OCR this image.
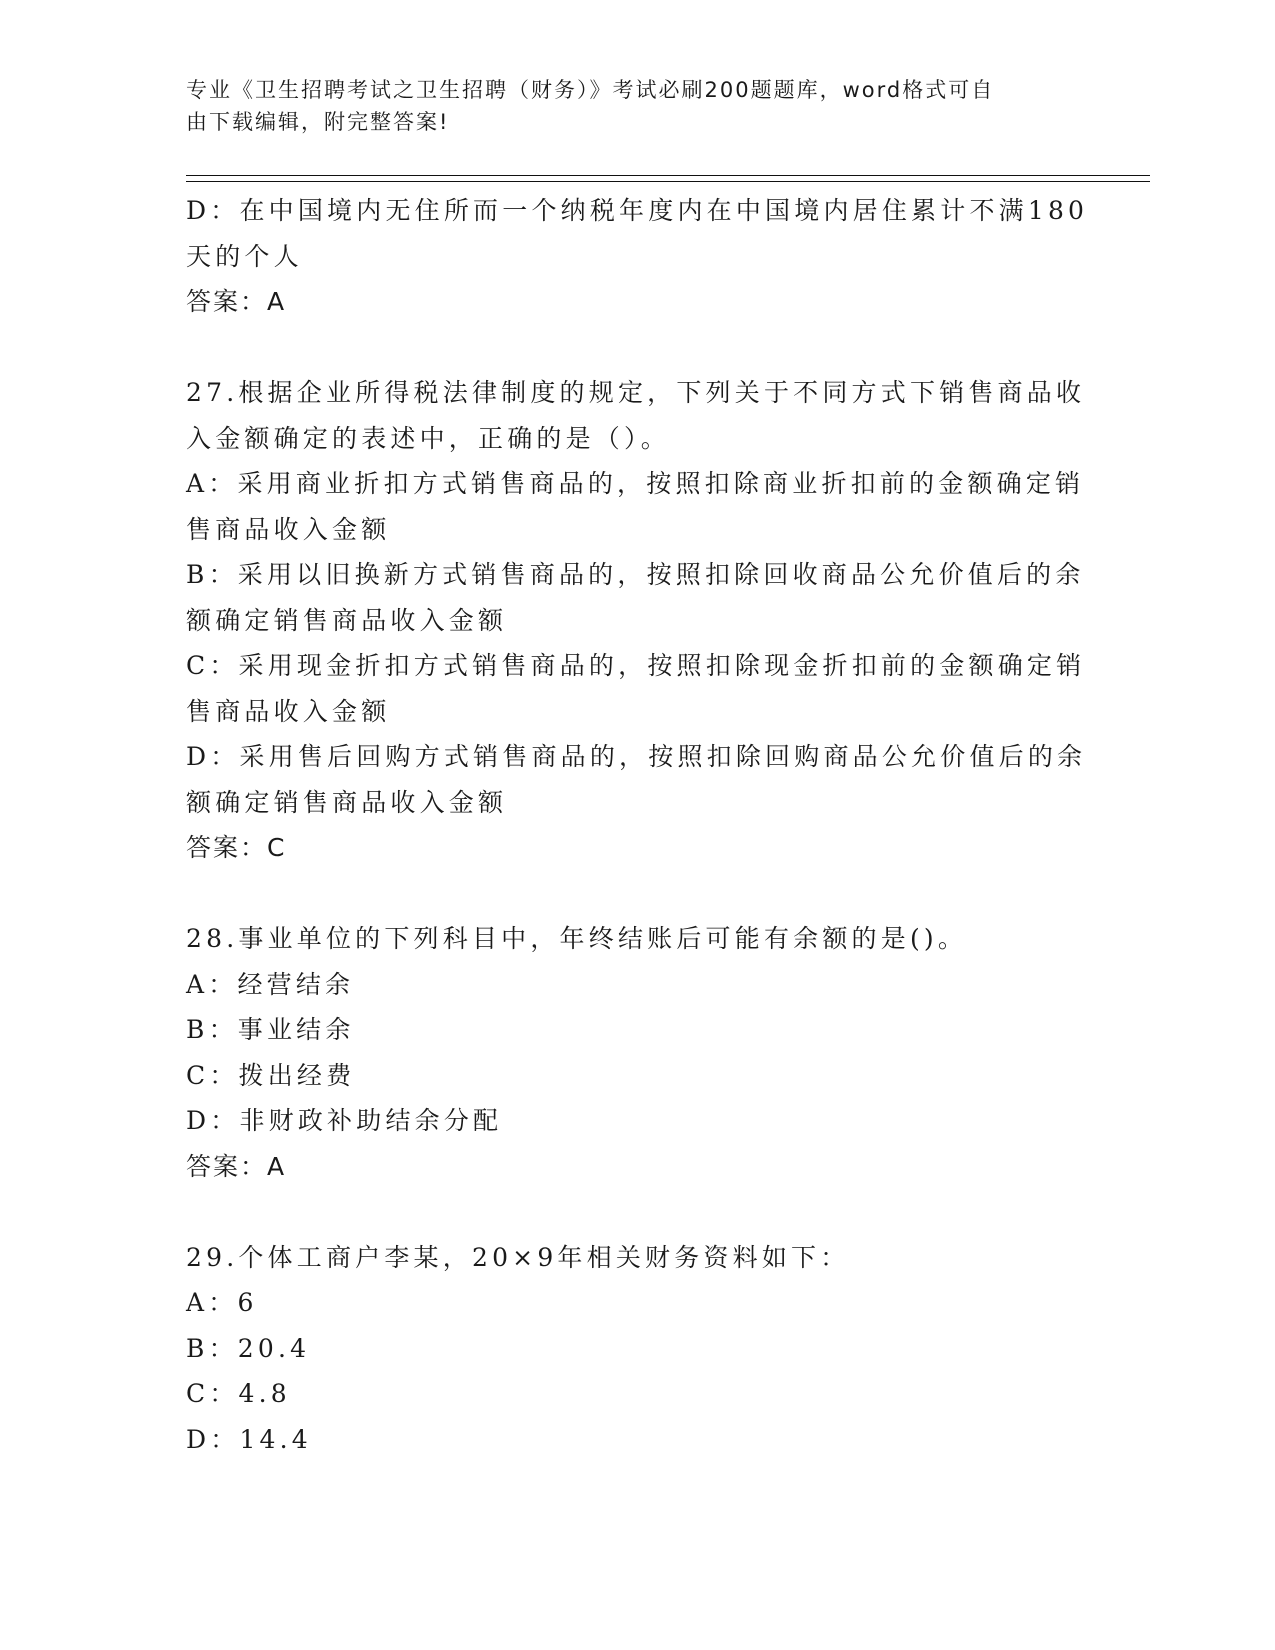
专业《卫生招聘考试之卫生招聘（财务）》考试必刷200题题库，word格式可自
由下载编辑，附完整答案!

D：在中国境内无住所而一个纳税年度内在中国境内居住累计不满180

天的个人

答案：A

27.根据企业所得税法律制度的规定，下列关于不同方式下销售商品收

入金额确定的表述中，正确的是（）。

A：采用商业折扣方式销售商品的，按照扣除商业折扣前的金额确定销

售商品收入金额

B：采用以旧换新方式销售商品的，按照扣除回收商品公允价值后的余

额确定销售商品收入金额

C：采用现金折扣方式销售商品的，按照扣除现金折扣前的金额确定销

售商品收入金额

D：采用售后回购方式销售商品的，按照扣除回购商品公允价值后的余

额确定销售商品收入金额

答案：C

28.事业单位的下列科目中，年终结账后可能有余额的是()。

A：经营结余

B：事业结余

C：拨出经费

D：非财政补助结余分配

答案：A

29.个体工商户李某，20×9年相关财务资料如下：

A：6

B：20.4

C：4.8

D：14.4
